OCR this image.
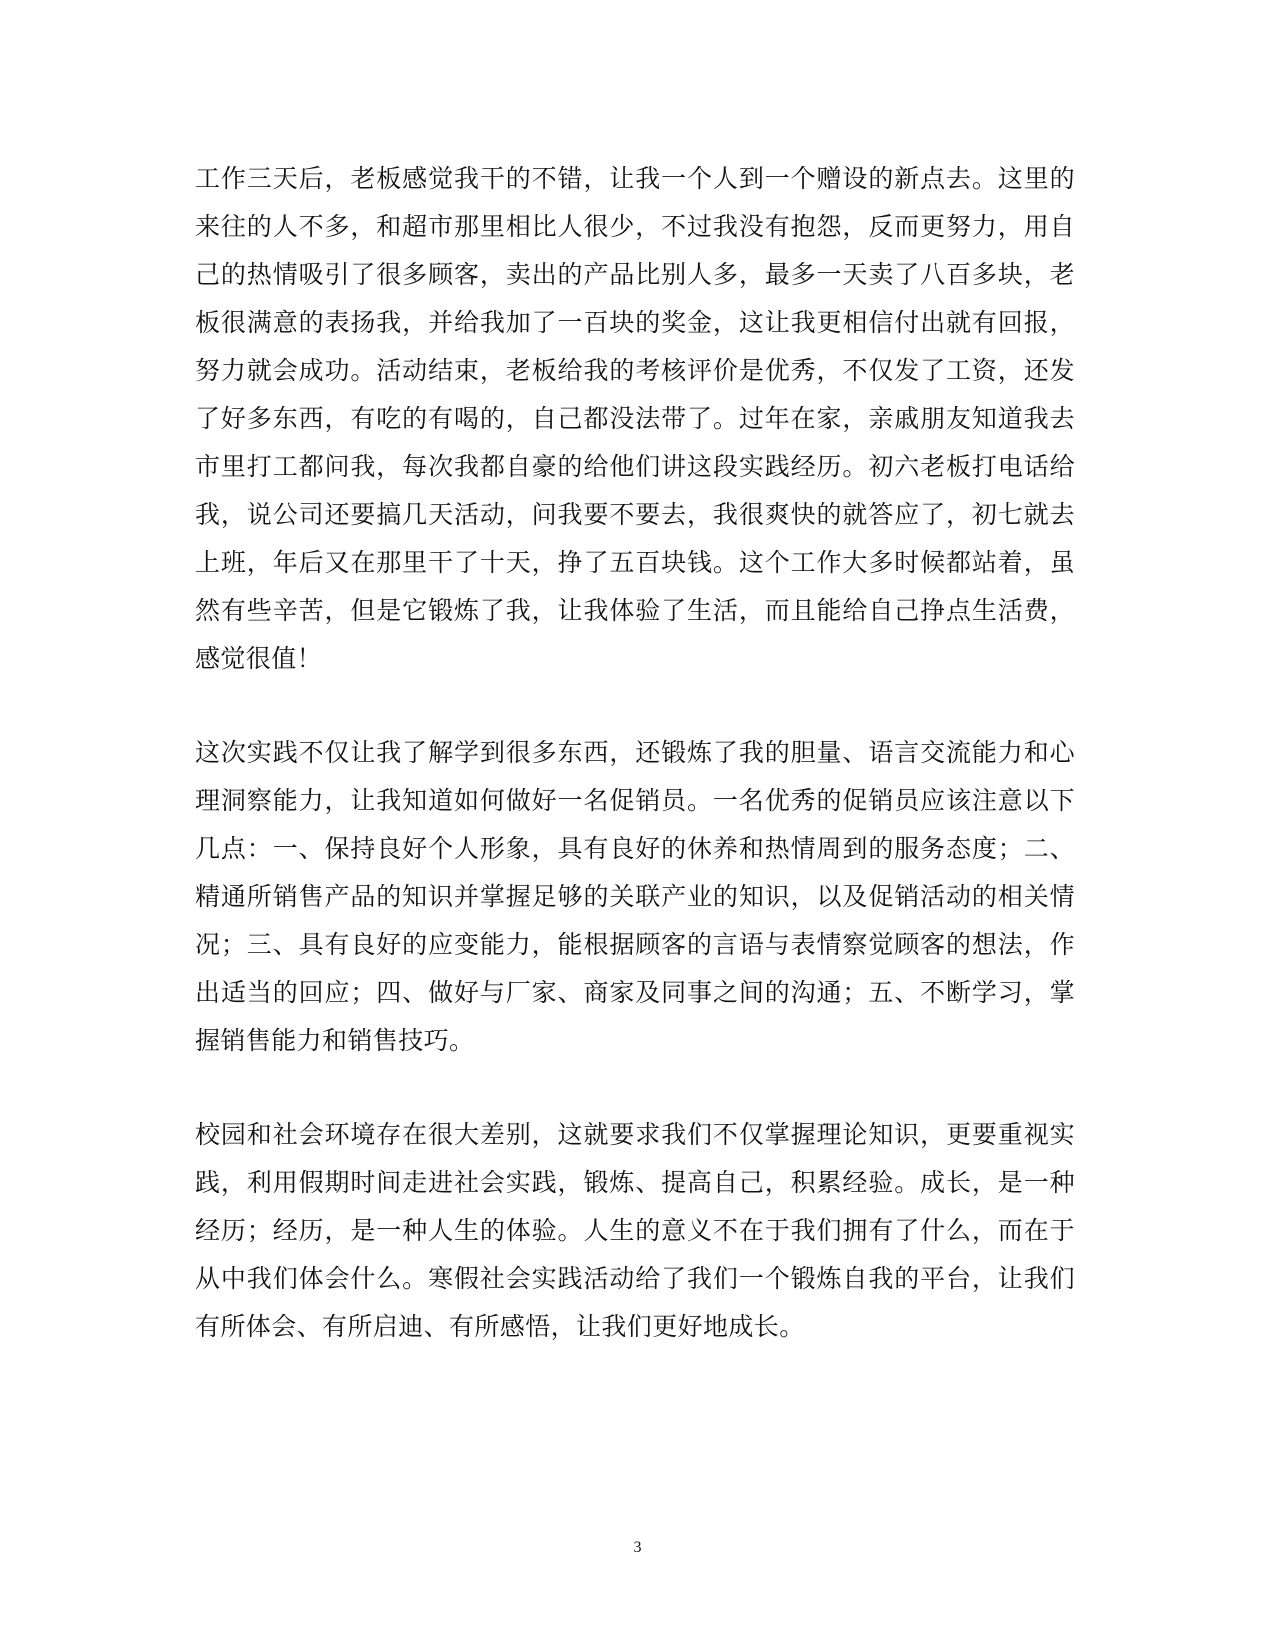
工作三天后，老板感觉我干的不错，让我一个人到一个赠设的新点去。这里的来往的人不多，和超市那里相比人很少，不过我没有抱怨，反而更努力，用自己的热情吸引了很多顾客，卖出的产品比别人多，最多一天卖了八百多块，老板很满意的表扬我，并给我加了一百块的奖金，这让我更相信付出就有回报，努力就会成功。活动结束，老板给我的考核评价是优秀，不仅发了工资，还发了好多东西，有吃的有喝的，自己都没法带了。过年在家，亲戚朋友知道我去市里打工都问我，每次我都自豪的给他们讲这段实践经历。初六老板打电话给我，说公司还要搞几天活动，问我要不要去，我很爽快的就答应了，初七就去上班，年后又在那里干了十天，挣了五百块钱。这个工作大多时候都站着，虽然有些辛苦，但是它锻炼了我，让我体验了生活，而且能给自己挣点生活费，感觉很值！

这次实践不仅让我了解学到很多东西，还锻炼了我的胆量、语言交流能力和心理洞察能力，让我知道如何做好一名促销员。一名优秀的促销员应该注意以下几点：一、保持良好个人形象，具有良好的休养和热情周到的服务态度；二、精通所销售产品的知识并掌握足够的关联产业的知识，以及促销活动的相关情况；三、具有良好的应变能力，能根据顾客的言语与表情察觉顾客的想法，作出适当的回应；四、做好与厂家、商家及同事之间的沟通；五、不断学习，掌握销售能力和销售技巧。

校园和社会环境存在很大差别，这就要求我们不仅掌握理论知识，更要重视实践，利用假期时间走进社会实践，锻炼、提高自己，积累经验。成长，是一种经历；经历，是一种人生的体验。人生的意义不在于我们拥有了什么，而在于从中我们体会什么。寒假社会实践活动给了我们一个锻炼自我的平台，让我们有所体会、有所启迪、有所感悟，让我们更好地成长。

3
